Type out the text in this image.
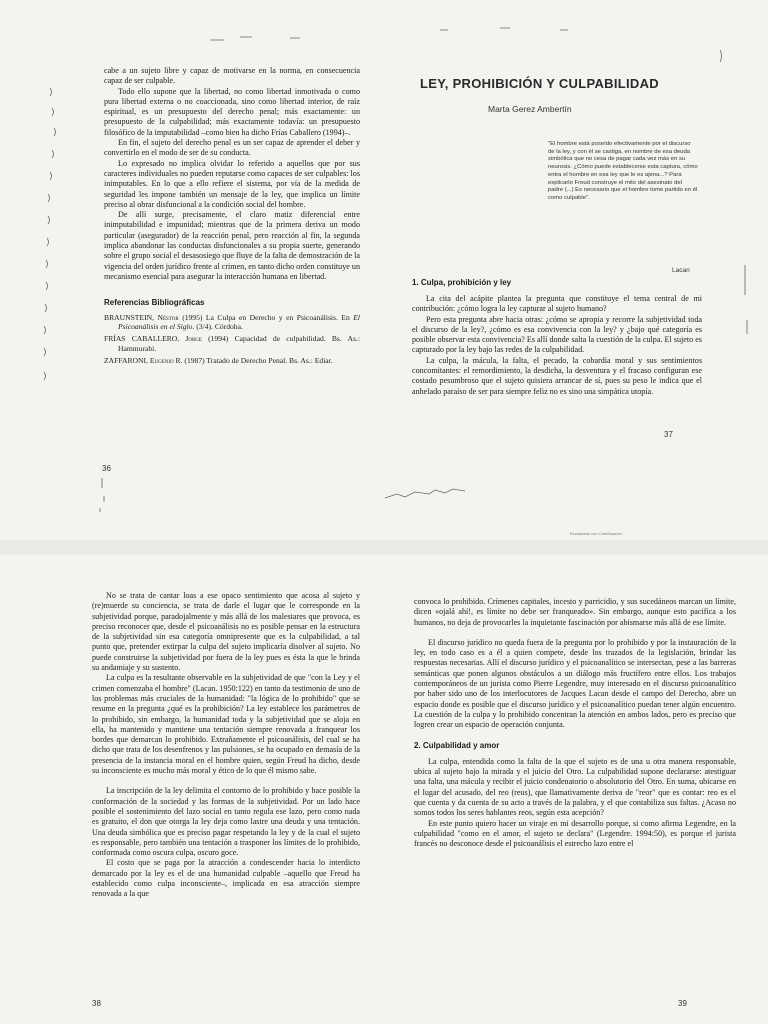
Escaneado con CamScanner

cabe a un sujeto libre y capaz de motivarse en la norma, en consecuencia capaz de ser culpable.

Todo ello supone que la libertad, no como libertad inmotivada o como pura libertad externa o no coaccionada, sino como libertad interior, de raíz espiritual, es un presupuesto del derecho penal; más exactamente: un presupuesto de la culpabilidad; más exactamente todavía: un presupuesto filosófico de la imputabilidad –como bien ha dicho Frías Caballero (1994)–.

En fin, el sujeto del derecho penal es un ser capaz de aprender el deber y convertirlo en el modo de ser de su conducta.

Lo expresado no implica olvidar lo referido a aquellos que por sus caracteres individuales no pueden reputarse como capaces de ser culpables: los inimputables. En lo que a ello refiere el sistema, por vía de la medida de seguridad les impone también un mensaje de la ley, que implica un límite preciso al obrar disfuncional a la condición social del hombre.

De allí surge, precisamente, el claro matiz diferencial entre inimputabilidad e impunidad; mientras que de la primera deriva un modo particular (asegurador) de la reacción penal, pero reacción al fin, la segunda implica abandonar las conductas disfuncionales a su propia suerte, generando sobre el grupo social el desasosiego que fluye de la falta de demostración de la vigencia del orden jurídico frente al crimen, en tanto dicho orden constituye un mecanismo esencial para asegurar la interacción humana en libertad.

Referencias Bibliográficas

BRAUNSTEIN, Néstor (1995) La Culpa en Derecho y en Psicoanálisis. En El Psicoanálisis en el Siglo. (3/4). Córdoba.

FRÍAS CABALLERO, Jorge (1994) Capacidad de culpabilidad. Bs. As.: Hammurabi.

ZAFFARONI, Eugenio R. (1987) Tratado de Derecho Penal. Bs. As.: Ediar.

36
LEY, PROHIBICIÓN Y CULPABILIDAD
Marta Gerez Ambertín
"El hombre está poseído efectivamente por el discurso de la ley, y con él se castiga, en nombre de esa deuda simbólica que no cesa de pagar cada vez más en su neurosis. ¿Cómo puede establecerse esta captura, cómo entra el hombre en esa ley que le es ajena...? Para explicarlo Freud construye el mito del asesinato del padre (...) Es necesario que el hombre tome partido en él como culpable".
Lacan
1. Culpa, prohibición y ley

La cita del acápite plantea la pregunta que constituye el tema central de mi contribución: ¿cómo logra la ley capturar al sujeto humano?

Pero esta pregunta abre hacia otras: ¿cómo se apropia y recorre la subjetividad toda el discurso de la ley?, ¿cómo es esa convivencia con la ley? y ¿bajo qué categoría es posible observar esta convivencia? Es allí donde salta la cuestión de la culpa. El sujeto es capturado por la ley bajo las redes de la culpabilidad.

La culpa, la mácula, la falta, el pecado, la cobardía moral y sus sentimientos concomitantes: el remordimiento, la desdicha, la desventura y el fracaso configuran ese costado pesumbroso que el sujeto quisiera arrancar de sí, pues su peso le indica que el anhelado paraíso de ser para siempre feliz no es sino una simpática utopía.

37

No se trata de cantar loas a ese opaco sentimiento que acosa al sujeto y (re)muerde su conciencia, se trata de darle el lugar que le corresponde en la subjetividad porque, paradojalmente y más allá de los malestares que provoca, es preciso reconocer que, desde el psicoanálisis no es posible pensar en la estructura de la subjetividad sin esa categoría omnipresente que es la culpabilidad, a tal punto que, pretender extirpar la culpa del sujeto implicaría disolver al sujeto. No puede construirse la subjetividad por fuera de la ley pues es ésta la que le brinda su andamiaje y su sustento.

La culpa es la resultante observable en la subjetividad de que "con la Ley y el crimen comenzaba el hombre" (Lacan. 1950:122) en tanto da testimonio de uno de los problemas más cruciales de la humanidad: "la lógica de lo prohibido" que se resume en la pregunta ¿qué es la prohibición? La ley establece los parámetros de lo prohibido, sin embargo, la humanidad toda y la subjetividad que se aloja en ella, ha mantenido y mantiene una tentación siempre renovada a franquear los bordes que demarcan lo prohibido. Extrañamente el psicoanálisis, del cual se ha dicho que trata de los desenfrenos y las pulsiones, se ha ocupado en demasía de la presencia de la instancia moral en el hombre quien, según Freud ha dicho, desde su inconsciente es mucho más moral y ético de lo que él mismo sabe.

La inscripción de la ley delimita el contorno de lo prohibido y hace posible la conformación de la sociedad y las formas de la subjetividad. Por un lado hace posible el sostenimiento del lazo social en tanto regula ese lazo, pero como nada es gratuito, el don que otorga la ley deja como lastre una deuda y una tentación. Una deuda simbólica que es preciso pagar respetando la ley y de la cual el sujeto es responsable, pero también una tentación a trasponer los límites de lo prohibido, conformada como oscura culpa, oscuro goce.

El costo que se paga por la atracción a condescender hacia lo interdicto demarcado por la ley es el de una humanidad culpable –aquello que Freud ha establecido como culpa inconsciente–, implicada en esa atracción siempre renovada a la que

38

convoca lo prohibido. Crímenes capitales, incesto y parricidio, y sus sucedáneos marcan un límite, dicen «ojalá ahí!, es límite no debe ser franqueado». Sin embargo, aunque esto pacifica a los humanos, no deja de provocarles la inquietante fascinación por abismarse más allá de ese límite.

El discurso jurídico no queda fuera de la pregunta por lo prohibido y por la instauración de la ley, en todo caso es a él a quien compete, desde los trazados de la legislación, brindar las respuestas necesarias. Allí el discurso jurídico y el psicoanalítico se intersectan, pese a las barreras semánticas que ponen algunos obstáculos a un diálogo más fructífero entre ellos. Los trabajos contemporáneos de un jurista como Pierre Legendre, muy interesado en el discurso psicoanalítico por haber sido uno de los interlocutores de Jacques Lacan desde el campo del Derecho, abre un espacio donde es posible que el discurso jurídico y el psicoanalítico puedan tener algún encuentro. La cuestión de la culpa y lo prohibido concentran la atención en ambos lados, pero es preciso que logren crear un espacio de operación conjunta.

2. Culpabilidad y amor

La culpa, entendida como la falta de la que el sujeto es de una u otra manera responsable, ubica al sujeto bajo la mirada y el juicio del Otro. La culpabilidad supone declararse: atestiguar una falta, una mácula y recibir el juicio condenatorio o absolutorio del Otro. En suma, ubicarse en el lugar del acusado, del reo (reus), que llamativamente deriva de "reor" que es contar: reo es el que cuenta y da cuenta de su acto a través de la palabra, y el que contabiliza sus faltas. ¿Acaso no somos todos los seres hablantes reos, según esta acepción?

En este punto quiero hacer un viraje en mi desarrollo porque, si como afirma Legendre, en la culpabilidad "como en el amor, el sujeto se declara" (Legendre. 1994:50), es porque el jurista francés no desconoce desde el psicoanálisis el estrecho lazo entre el

39
